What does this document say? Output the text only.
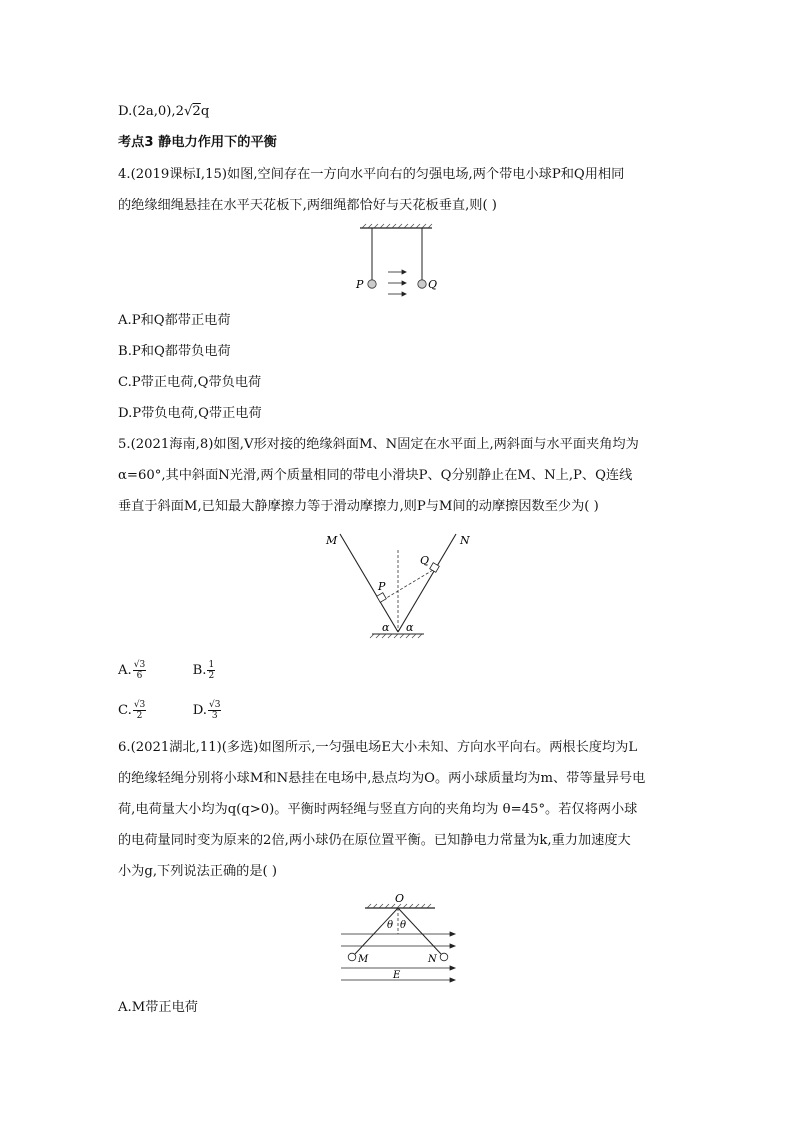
D.(2a,0),2√2q
考点3 静电力作用下的平衡
4.(2019课标Ⅰ,15)如图,空间存在一方向水平向右的匀强电场,两个带电小球P和Q用相同
的绝缘细绳悬挂在水平天花板下,两细绳都恰好与天花板垂直,则( )
P	Q
A.P和Q都带正电荷
B.P和Q都带负电荷
C.P带正电荷,Q带负电荷
D.P带负电荷,Q带正电荷
5.(2021海南,8)如图,V形对接的绝缘斜面M、N固定在水平面上,两斜面与水平面夹角均为
α=60°,其中斜面N光滑,两个质量相同的带电小滑块P、Q分别静止在M、N上,P、Q连线
垂直于斜面M,已知最大静摩擦力等于滑动摩擦力,则P与M间的动摩擦因数至少为( )
M	N
P
Q
α α
A. $\frac{√3}{6}$	B. $\frac{1}{2}$
C. $\frac{√3}{2}$	D. $\frac{√3}{3}$
6.(2021湖北,11)(多选)如图所示,一匀强电场E大小未知、方向水平向右。两根长度均为L
的绝缘轻绳分别将小球M和N悬挂在电场中,悬点均为O。两小球质量均为m、带等量异号电
荷,电荷量大小均为q(q>0)。平衡时两轻绳与竖直方向的夹角均为 θ=45°。若仅将两小球
的电荷量同时变为原来的2倍,两小球仍在原位置平衡。已知静电力常量为k,重力加速度大
小为g,下列说法正确的是( )
O
θ θ
M	N
E
A.M带正电荷
